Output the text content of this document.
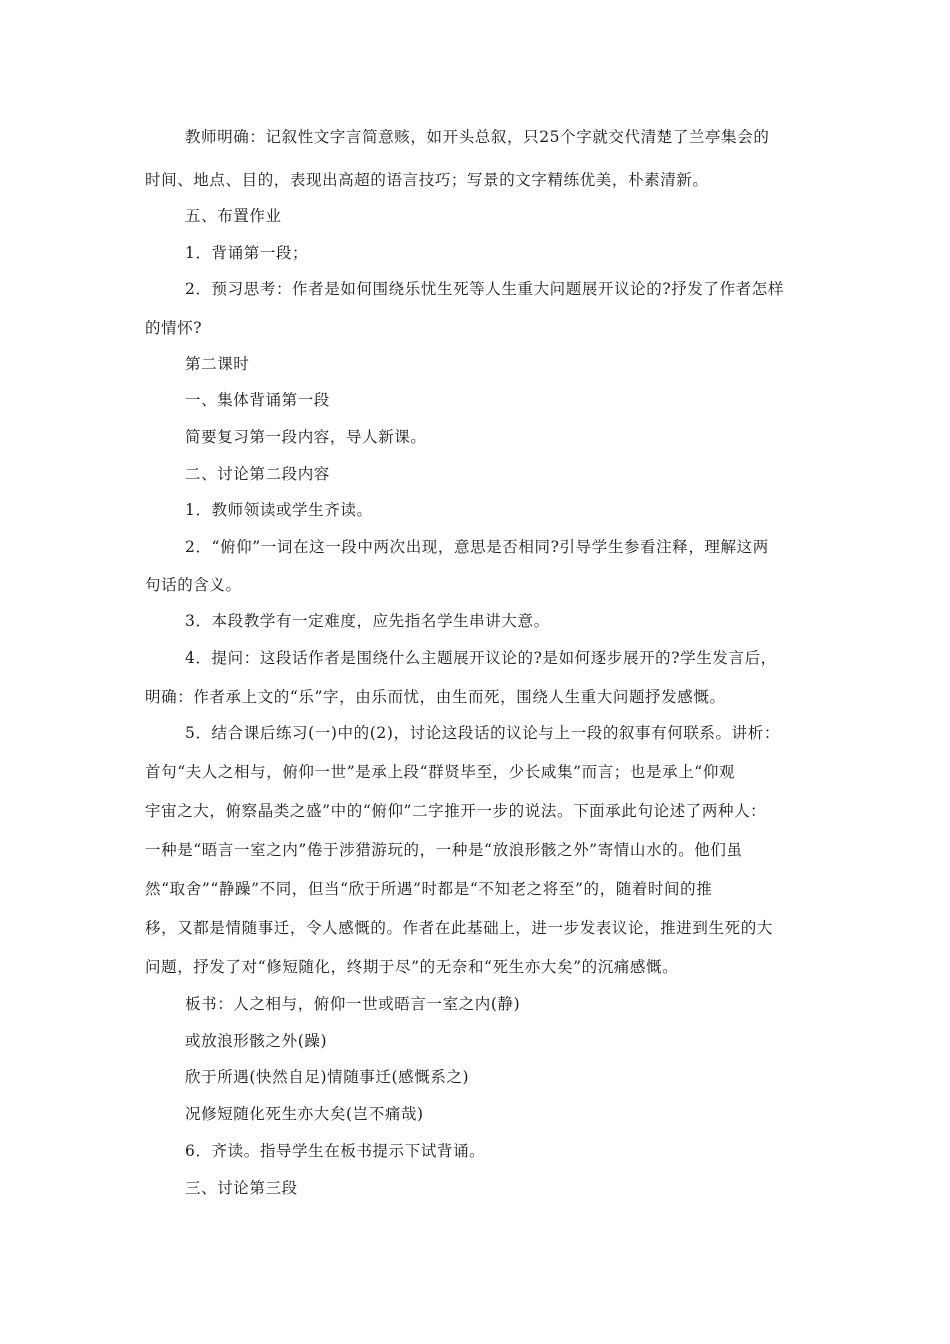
教师明确：记叙性文字言简意赅，如开头总叙，只25个字就交代清楚了兰亭集会的
时间、地点、目的，表现出高超的语言技巧；写景的文字精练优美，朴素清新。
五、布置作业
1．背诵第一段；
2．预习思考：作者是如何围绕乐忧生死等人生重大问题展开议论的?抒发了作者怎样
的情怀?
第二课时
一、集体背诵第一段
简要复习第一段内容，导人新课。
二、讨论第二段内容
1．教师领读或学生齐读。
2．“俯仰”一词在这一段中两次出现，意思是否相同?引导学生参看注释，理解这两
句话的含义。
3．本段教学有一定难度，应先指名学生串讲大意。
4．提问：这段话作者是围绕什么主题展开议论的?是如何逐步展开的?学生发言后，
明确：作者承上文的“乐”字，由乐而忧，由生而死，围绕人生重大问题抒发感慨。
5．结合课后练习(一)中的(2)，讨论这段话的议论与上一段的叙事有何联系。讲析：
首句“夫人之相与，俯仰一世”是承上段“群贤毕至，少长咸集”而言；也是承上“仰观
宇宙之大，俯察晶类之盛”中的“俯仰”二字推开一步的说法。下面承此句论述了两种人：
一种是“晤言一室之内”倦于涉猎游玩的，一种是“放浪形骸之外”寄情山水的。他们虽
然“取舍”“静躁”不同，但当“欣于所遇”时都是“不知老之将至”的，随着时间的推
移，又都是情随事迁，令人感慨的。作者在此基础上，进一步发表议论，推进到生死的大
问题，抒发了对“修短随化，终期于尽”的无奈和“死生亦大矣”的沉痛感慨。
板书：人之相与，俯仰一世或晤言一室之内(静)
或放浪形骸之外(躁)
欣于所遇(快然自足)情随事迁(感慨系之)
况修短随化死生亦大矣(岂不痛哉)
6．齐读。指导学生在板书提示下试背诵。
三、讨论第三段
